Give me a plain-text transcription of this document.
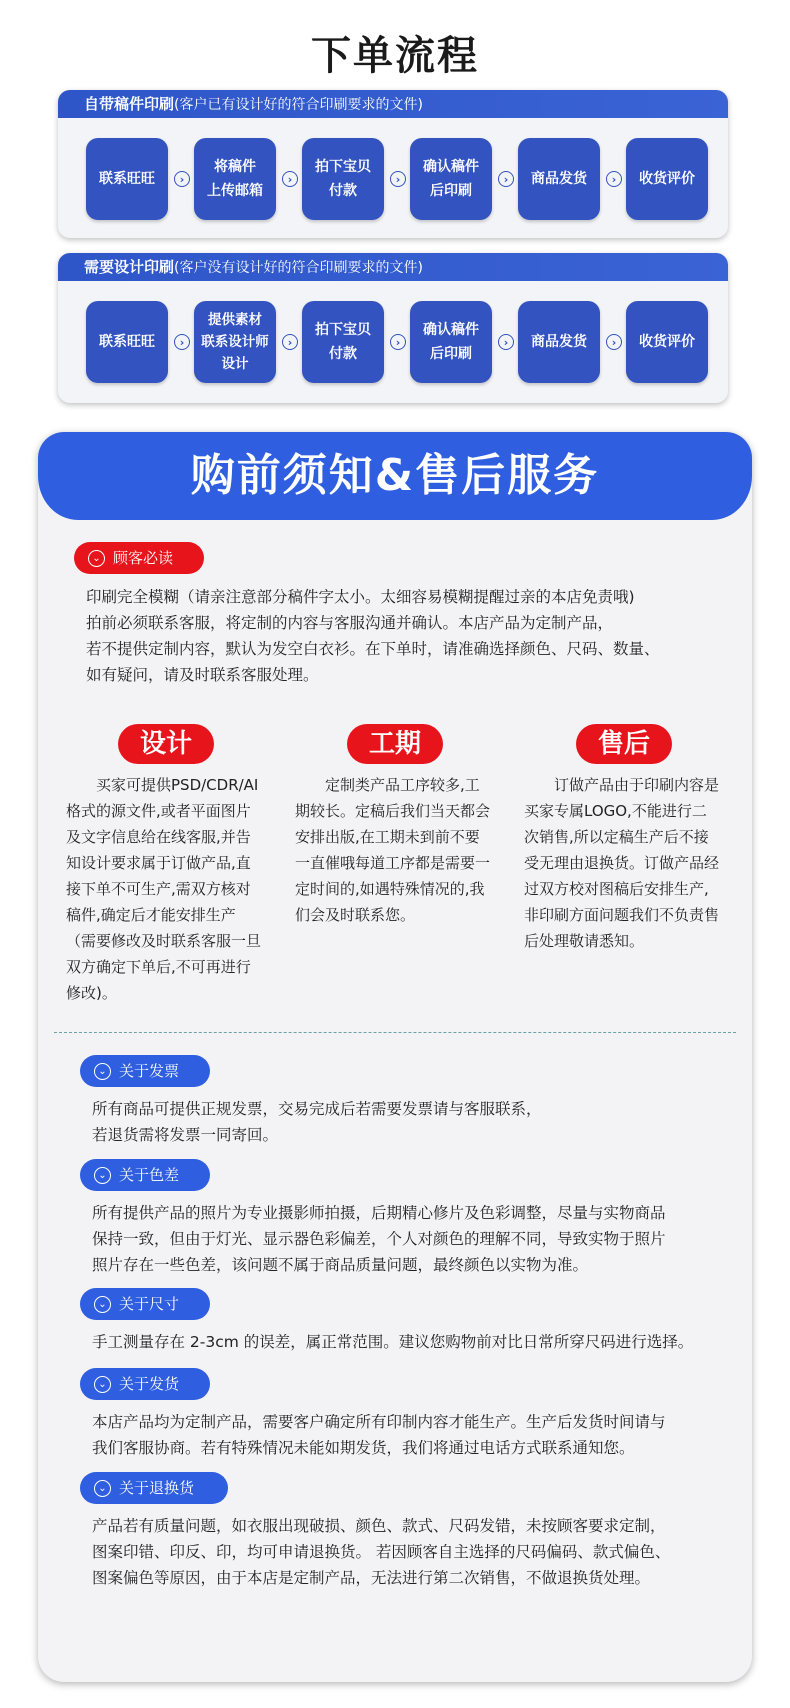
下单流程
自带稿件印刷(客户已有设计好的符合印刷要求的文件)
联系旺旺	›
将稿件
上传邮箱
›
拍下宝贝
付款
›
确认稿件
后印刷
›	商品发货	›	收货评价
需要设计印刷(客户没有设计好的符合印刷要求的文件)
联系旺旺	›
提供素材
联系设计师
设计
›
拍下宝贝
付款
›
确认稿件
后印刷
›	商品发货	›	收货评价
购前须知&售后服务
⌄ 顾客必读
印刷完全模糊（请亲注意部分稿件字太小。太细容易模糊提醒过亲的本店免责哦)
拍前必须联系客服，将定制的内容与客服沟通并确认。本店产品为定制产品，
若不提供定制内容，默认为发空白衣衫。在下单时，请准确选择颜色、尺码、数量、
如有疑问，请及时联系客服处理。
设计
买家可提供PSD/CDR/AI格式的源文件,或者平面图片及文字信息给在线客服,并告知设计要求属于订做产品,直接下单不可生产,需双方核对稿件,确定后才能安排生产（需要修改及时联系客服一旦双方确定下单后,不可再进行修改)。
工期
定制类产品工序较多,工期较长。定稿后我们当天都会安排出版,在工期未到前不要一直催哦每道工序都是需要一定时间的,如遇特殊情况的,我们会及时联系您。
售后
订做产品由于印刷内容是买家专属LOGO,不能进行二次销售,所以定稿生产后不接受无理由退换货。订做产品经过双方校对图稿后安排生产,非印刷方面问题我们不负责售后处理敬请悉知。
⌄ 关于发票
所有商品可提供正规发票，交易完成后若需要发票请与客服联系，
若退货需将发票一同寄回。
⌄ 关于色差
所有提供产品的照片为专业摄影师拍摄，后期精心修片及色彩调整，尽量与实物商品
保持一致，但由于灯光、显示器色彩偏差，个人对颜色的理解不同，导致实物于照片
照片存在一些色差，该问题不属于商品质量问题，最终颜色以实物为准。
⌄ 关于尺寸
手工测量存在 2-3cm 的误差，属正常范围。建议您购物前对比日常所穿尺码进行选择。
⌄ 关于发货
本店产品均为定制产品，需要客户确定所有印制内容才能生产。生产后发货时间请与
我们客服协商。若有特殊情况未能如期发货，我们将通过电话方式联系通知您。
⌄ 关于退换货
产品若有质量问题，如衣服出现破损、颜色、款式、尺码发错，未按顾客要求定制，
图案印错、印反、印，均可申请退换货。 若因顾客自主选择的尺码偏码、款式偏色、
图案偏色等原因，由于本店是定制产品，无法进行第二次销售，不做退换货处理。
